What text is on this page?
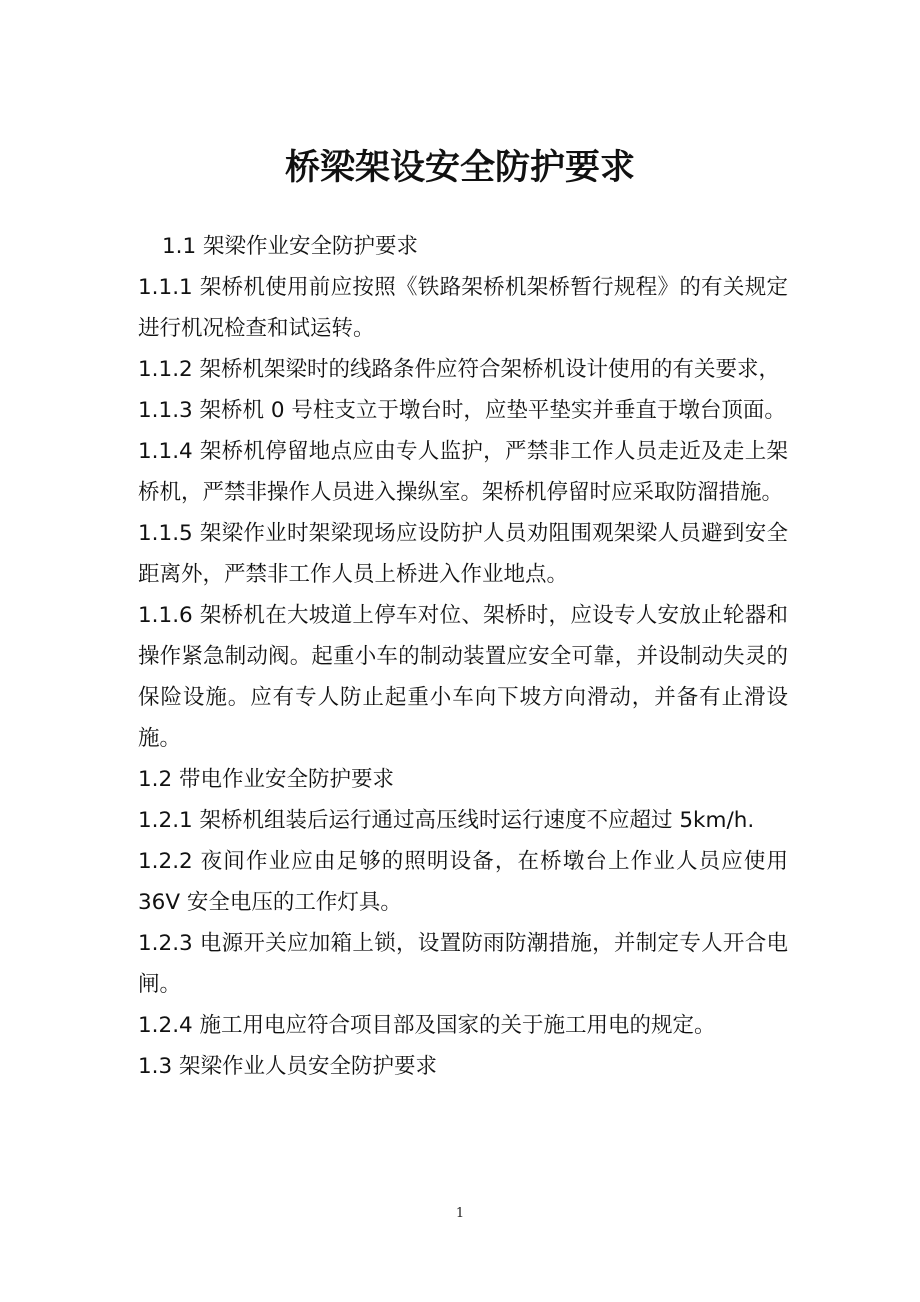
桥梁架设安全防护要求

1.1 架梁作业安全防护要求

1.1.1 架桥机使用前应按照《铁路架桥机架桥暂行规程》的有关规定进行机况检查和试运转。

1.1.2 架桥机架梁时的线路条件应符合架桥机设计使用的有关要求，

1.1.3 架桥机 0 号柱支立于墩台时，应垫平垫实并垂直于墩台顶面。

1.1.4 架桥机停留地点应由专人监护，严禁非工作人员走近及走上架桥机，严禁非操作人员进入操纵室。架桥机停留时应采取防溜措施。

1.1.5 架梁作业时架梁现场应设防护人员劝阻围观架梁人员避到安全距离外，严禁非工作人员上桥进入作业地点。

1.1.6 架桥机在大坡道上停车对位、架桥时，应设专人安放止轮器和操作紧急制动阀。起重小车的制动装置应安全可靠，并设制动失灵的保险设施。应有专人防止起重小车向下坡方向滑动，并备有止滑设施。

1.2 带电作业安全防护要求

1.2.1 架桥机组装后运行通过高压线时运行速度不应超过 5km/h.

1.2.2 夜间作业应由足够的照明设备，在桥墩台上作业人员应使用 36V 安全电压的工作灯具。

1.2.3 电源开关应加箱上锁，设置防雨防潮措施，并制定专人开合电闸。

1.2.4 施工用电应符合项目部及国家的关于施工用电的规定。

1.3 架梁作业人员安全防护要求

1
